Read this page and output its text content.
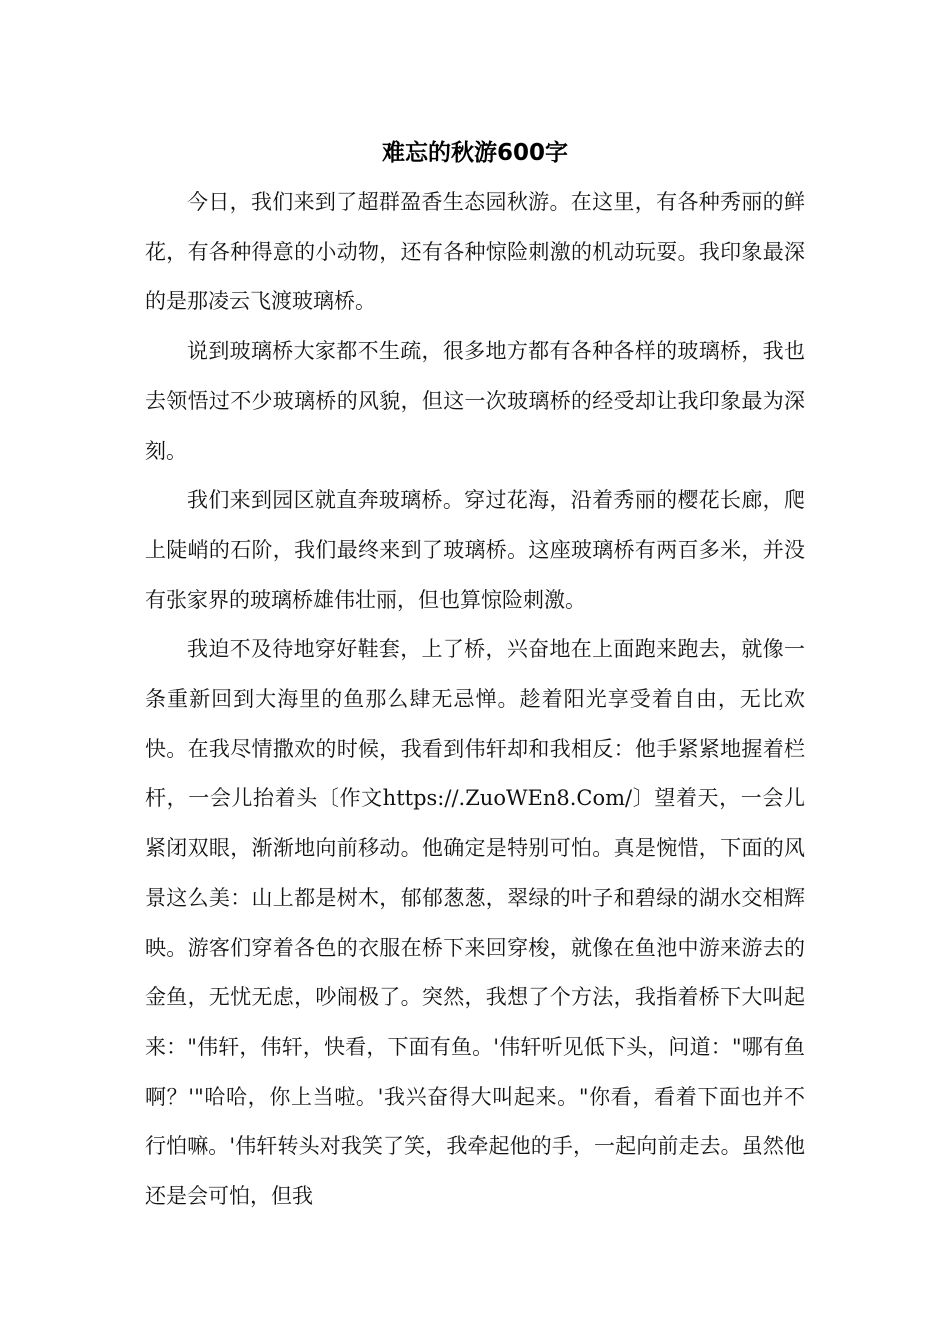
难忘的秋游600字

今日，我们来到了超群盈香生态园秋游。在这里，有各种秀丽的鲜花，有各种得意的小动物，还有各种惊险刺激的机动玩耍。我印象最深的是那凌云飞渡玻璃桥。

说到玻璃桥大家都不生疏，很多地方都有各种各样的玻璃桥，我也去领悟过不少玻璃桥的风貌，但这一次玻璃桥的经受却让我印象最为深刻。

我们来到园区就直奔玻璃桥。穿过花海，沿着秀丽的樱花长廊，爬上陡峭的石阶，我们最终来到了玻璃桥。这座玻璃桥有两百多米，并没有张家界的玻璃桥雄伟壮丽，但也算惊险刺激。

我迫不及待地穿好鞋套，上了桥，兴奋地在上面跑来跑去，就像一条重新回到大海里的鱼那么肆无忌惮。趁着阳光享受着自由，无比欢快。在我尽情撒欢的时候，我看到伟轩却和我相反：他手紧紧地握着栏杆，一会儿抬着头〔作文https://.ZuoWEn8.Com/〕望着天，一会儿紧闭双眼，渐渐地向前移动。他确定是特别可怕。真是惋惜，下面的风景这么美：山上都是树木，郁郁葱葱，翠绿的叶子和碧绿的湖水交相辉映。游客们穿着各色的衣服在桥下来回穿梭，就像在鱼池中游来游去的金鱼，无忧无虑，吵闹极了。突然，我想了个方法，我指着桥下大叫起来："伟轩，伟轩，快看，下面有鱼。'伟轩听见低下头，问道："哪有鱼啊？'"哈哈，你上当啦。'我兴奋得大叫起来。"你看，看着下面也并不行怕嘛。'伟轩转头对我笑了笑，我牵起他的手，一起向前走去。虽然他还是会可怕，但我
